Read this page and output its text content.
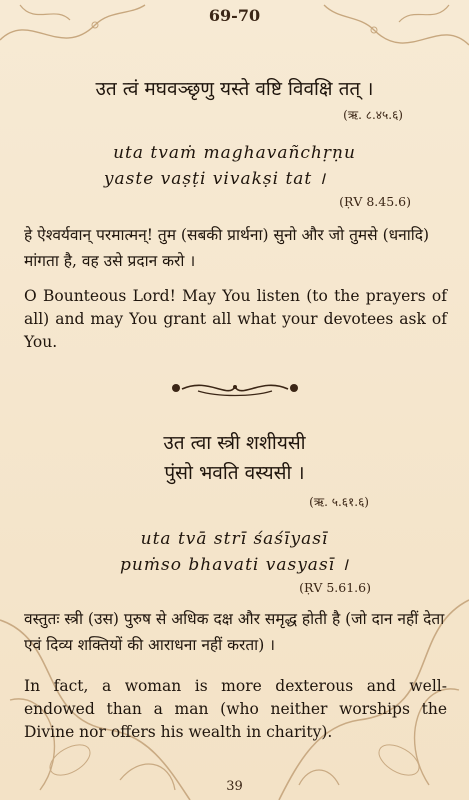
69-70
उत त्वं मघवञ्छृणु यस्ते वष्टि विवक्षि तत् ।
(ऋ. ८.४५.६)
uta tvaṁ maghavañchṛṇu
yaste vaṣṭi vivakṣi tat ।
(ṚV 8.45.6)
हे ऐश्वर्यवान् परमात्मन्! तुम (सबकी प्रार्थना) सुनो और जो तुमसे (धनादि) मांगता है, वह उसे प्रदान करो ।
O Bounteous Lord! May You listen (to the prayers of all) and may You grant all what your devotees ask of You.
उत त्वा स्त्री शशीयसी
पुंसो भवति वस्यसी ।
(ऋ. ५.६१.६)
uta tvā strī śaśīyasī
puṁso bhavati vasyasī ।
(ṚV 5.61.6)
वस्तुतः स्त्री (उस) पुरुष से अधिक दक्ष और समृद्ध होती है (जो दान नहीं देता एवं दिव्य शक्तियों की आराधना नहीं करता) ।
In fact, a woman is more dexterous and well-endowed than a man (who neither worships the Divine nor offers his wealth in charity).
39
